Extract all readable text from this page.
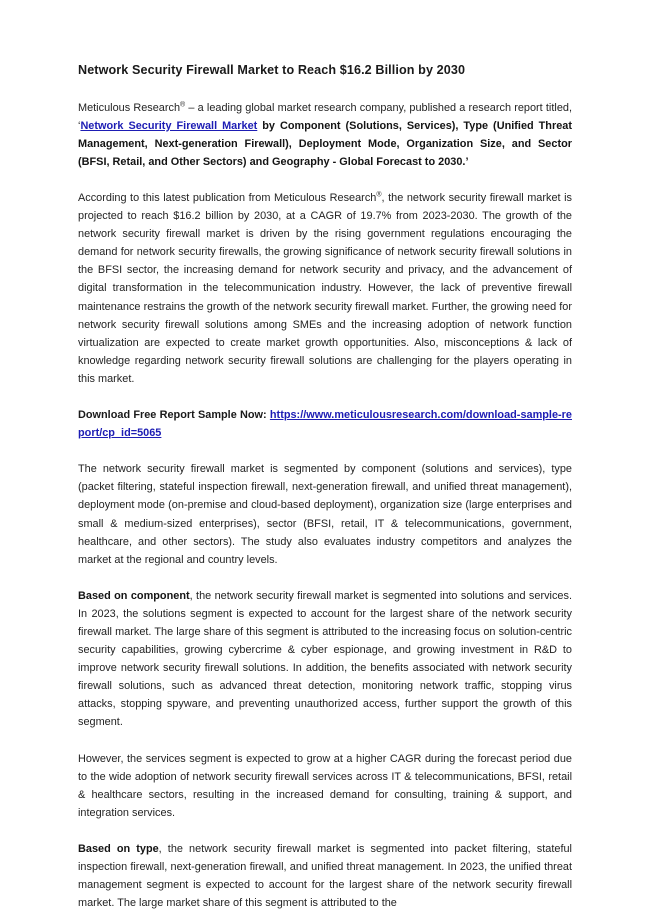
Network Security Firewall Market to Reach $16.2 Billion by 2030

Meticulous Research® – a leading global market research company, published a research report titled, ‘Network Security Firewall Market by Component (Solutions, Services), Type (Unified Threat Management, Next-generation Firewall), Deployment Mode, Organization Size, and Sector (BFSI, Retail, and Other Sectors) and Geography - Global Forecast to 2030.’

According to this latest publication from Meticulous Research®, the network security firewall market is projected to reach $16.2 billion by 2030, at a CAGR of 19.7% from 2023-2030. The growth of the network security firewall market is driven by the rising government regulations encouraging the demand for network security firewalls, the growing significance of network security firewall solutions in the BFSI sector, the increasing demand for network security and privacy, and the advancement of digital transformation in the telecommunication industry. However, the lack of preventive firewall maintenance restrains the growth of the network security firewall market. Further, the growing need for network security firewall solutions among SMEs and the increasing adoption of network function virtualization are expected to create market growth opportunities. Also, misconceptions & lack of knowledge regarding network security firewall solutions are challenging for the players operating in this market.

Download Free Report Sample Now: https://www.meticulousresearch.com/download-sample-report/cp_id=5065

The network security firewall market is segmented by component (solutions and services), type (packet filtering, stateful inspection firewall, next-generation firewall, and unified threat management), deployment mode (on-premise and cloud-based deployment), organization size (large enterprises and small & medium-sized enterprises), sector (BFSI, retail, IT & telecommunications, government, healthcare, and other sectors). The study also evaluates industry competitors and analyzes the market at the regional and country levels.

Based on component, the network security firewall market is segmented into solutions and services. In 2023, the solutions segment is expected to account for the largest share of the network security firewall market. The large share of this segment is attributed to the increasing focus on solution-centric security capabilities, growing cybercrime & cyber espionage, and growing investment in R&D to improve network security firewall solutions. In addition, the benefits associated with network security firewall solutions, such as advanced threat detection, monitoring network traffic, stopping virus attacks, stopping spyware, and preventing unauthorized access, further support the growth of this segment.

However, the services segment is expected to grow at a higher CAGR during the forecast period due to the wide adoption of network security firewall services across IT & telecommunications, BFSI, retail & healthcare sectors, resulting in the increased demand for consulting, training & support, and integration services.

Based on type, the network security firewall market is segmented into packet filtering, stateful inspection firewall, next-generation firewall, and unified threat management. In 2023, the unified threat management segment is expected to account for the largest share of the network security firewall market. The large market share of this segment is attributed to the
